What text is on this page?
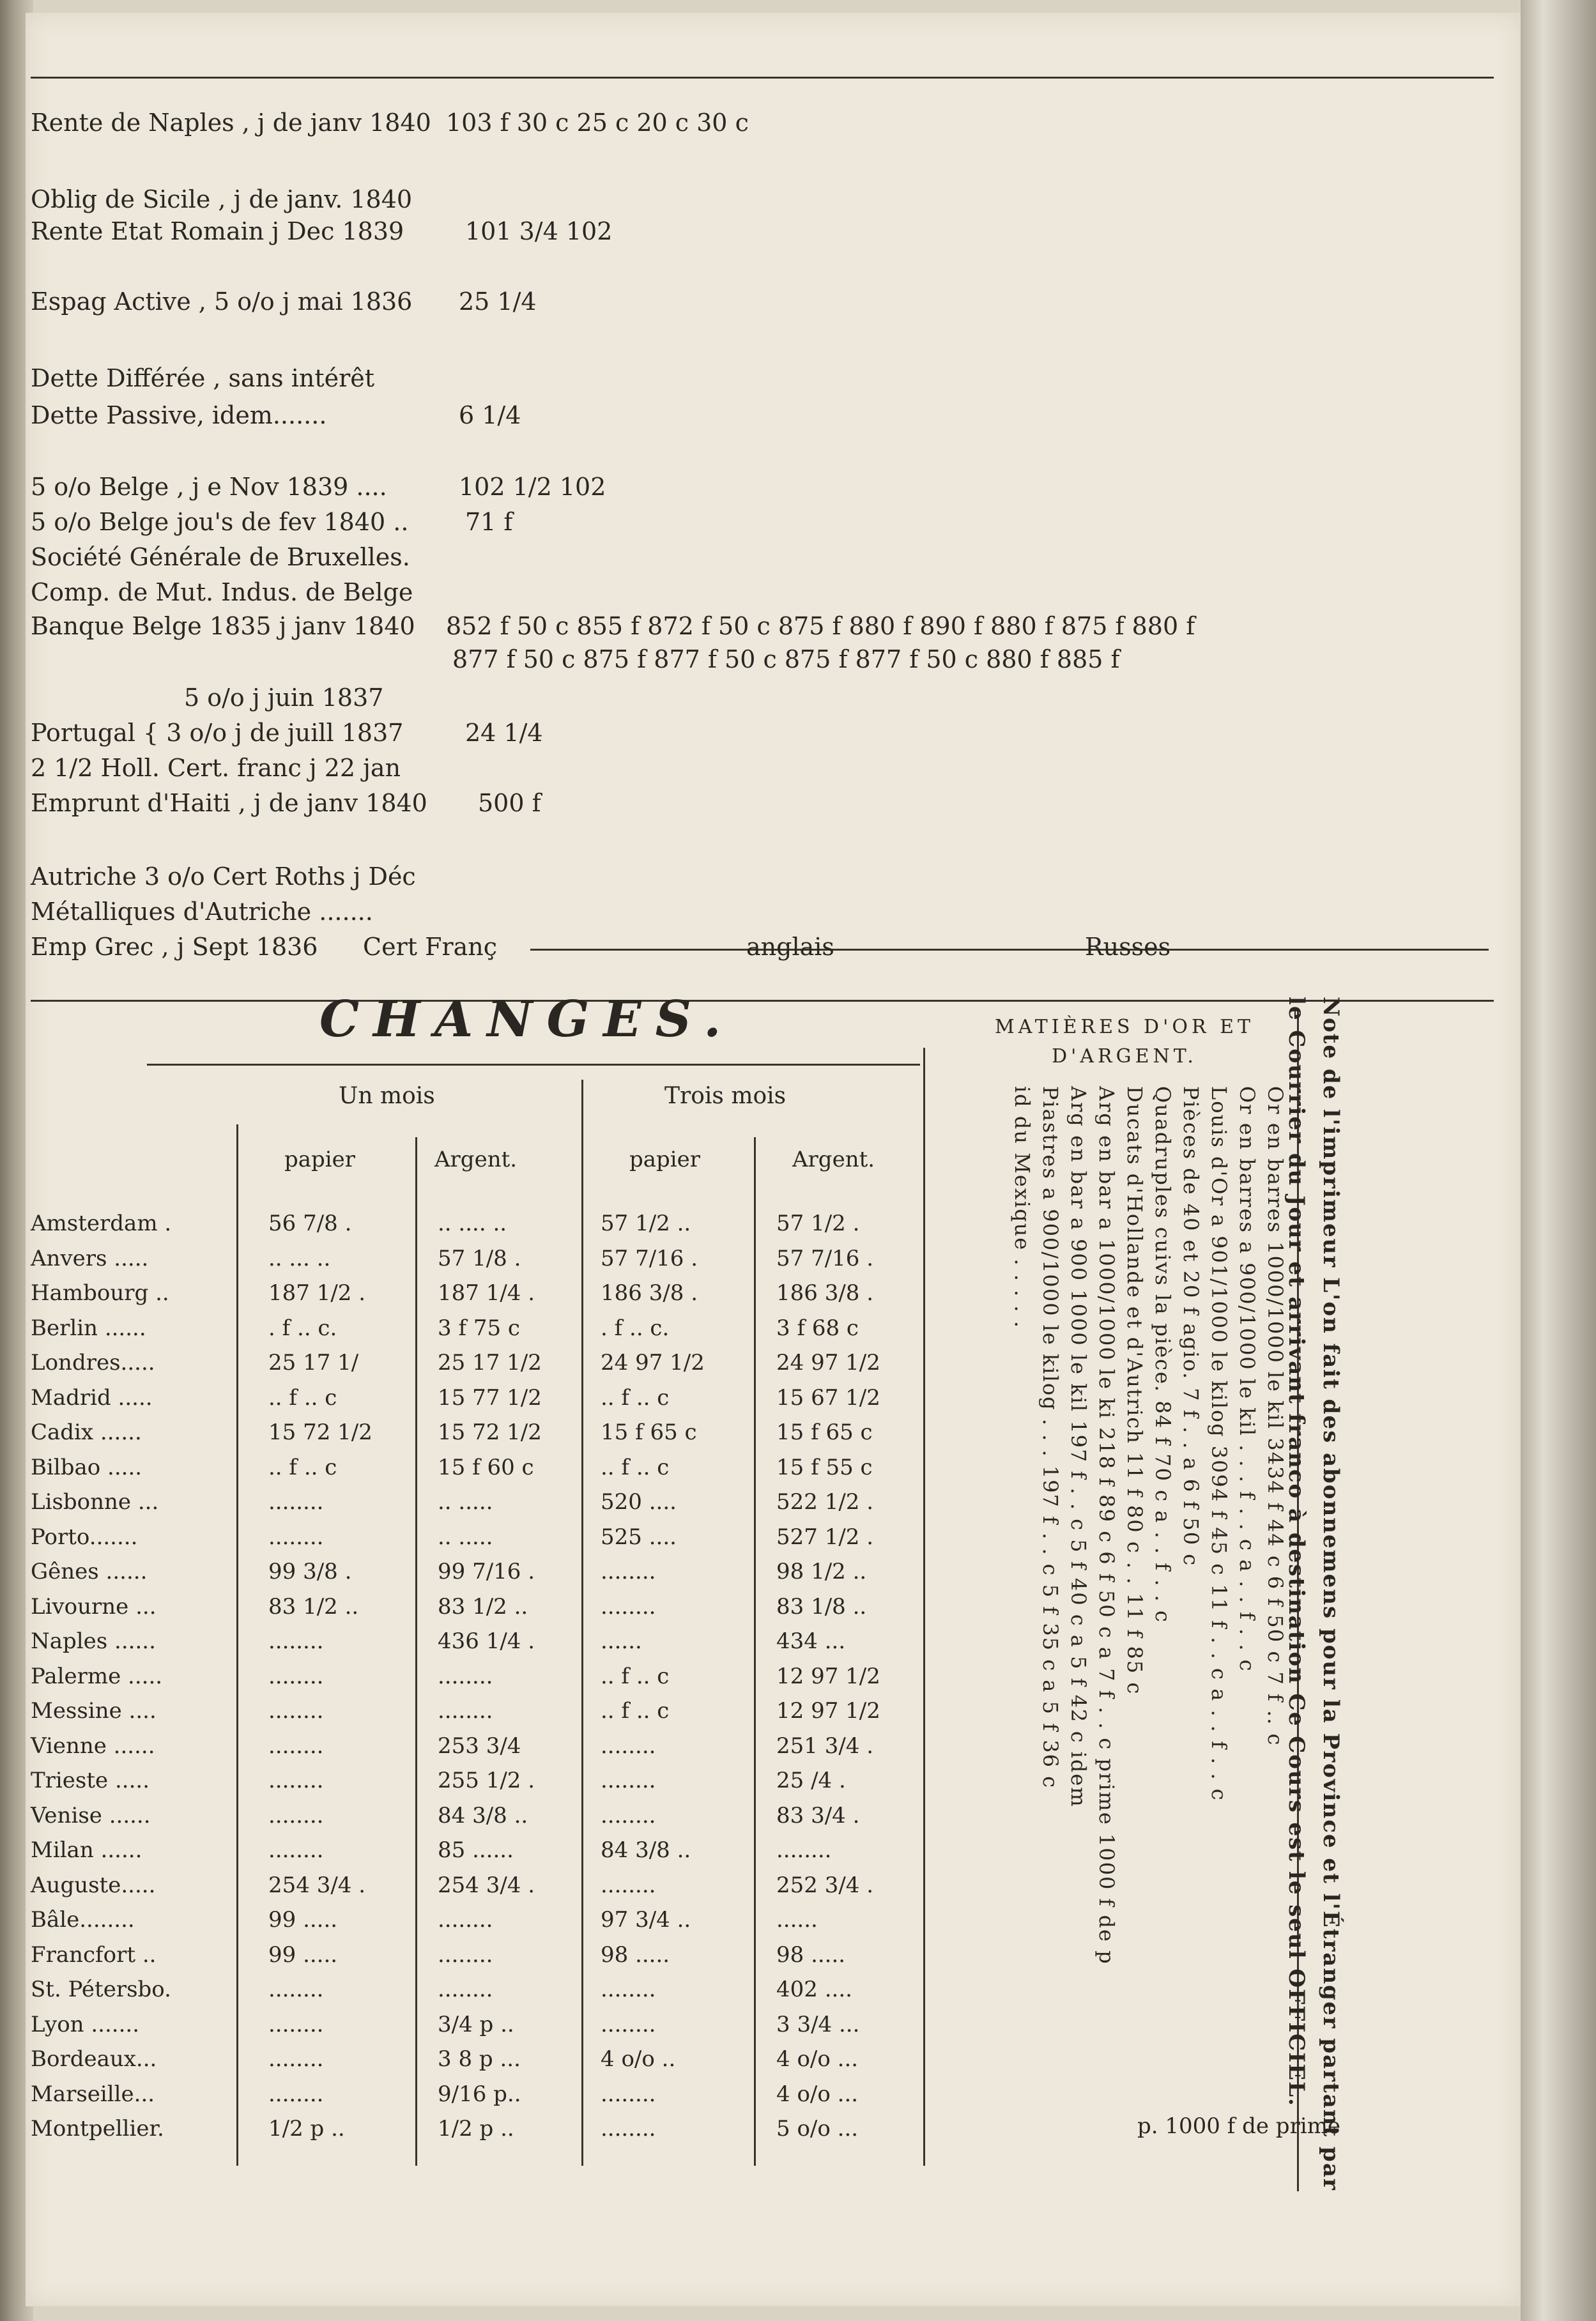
Rente de Naples , j de janv 1840 103 f 30 c 25 c 20 c 30 c
Oblig de Sicile , j de janv. 1840
Rente Etat Romain j Dec 1839	101 3/4 102
Espag Active , 5 o/o j mai 1836 25 1/4
Dette Différée , sans intérêt
Dette Passive, idem.......	6 1/4
5 o/o Belge , j e Nov 1839 ....	102 1/2 102
5 o/o Belge jou's de fev 1840 .. 71 f
Société Générale de Bruxelles.
Comp. de Mut. Indus. de Belge
Banque Belge 1835 j janv 1840 852 f 50 c 855 f 872 f 50 c 875 f 880 f 890 f 880 f 875 f 880 f
877 f 50 c 875 f 877 f 50 c 875 f 877 f 50 c 880 f 885 f
5 o/o j juin 1837
Portugal { 3 o/o j de juill 1837	24 1/4
2 1/2 Holl. Cert. franc j 22 jan
Emprunt d'Haiti , j de janv 1840 500 f
Autriche 3 o/o Cert Roths j Déc
Métalliques d'Autriche .......
Emp Grec , j Sept 1836 Cert Franç	anglais	Russes
CHANGES.
Un mois	Trois mois
papier	Argent.	papier	Argent.
Amsterdam .	56 7/8 .	.. .... ..	57 1/2 ..	57 1/2 .
Anvers .....	.. ... ..	57 1/8 .	57 7/16 .	57 7/16 .
Hambourg ..	187 1/2 .	187 1/4 .	186 3/8 .	186 3/8 .
Berlin ......	. f .. c.	3 f 75 c	. f .. c.	3 f 68 c
Londres.....	25 17 1/	25 17 1/2	24 97 1/2	24 97 1/2
Madrid .....	.. f .. c	15 77 1/2	.. f .. c	15 67 1/2
Cadix ......	15 72 1/2	15 72 1/2	15 f 65 c	15 f 65 c
Bilbao .....	.. f .. c	15 f 60 c	.. f .. c	15 f 55 c
Lisbonne ...	........	.. .....	520 ....	522 1/2 .
Porto.......	........	.. .....	525 ....	527 1/2 .
Gênes ......	99 3/8 .	99 7/16 .	........	98 1/2 ..
Livourne ...	83 1/2 ..	83 1/2 ..	........	83 1/8 ..
Naples ......	........	436 1/4 .	......	434 ...
Palerme .....	........	........	.. f .. c	12 97 1/2
Messine ....	........	........	.. f .. c	12 97 1/2
Vienne ......	........	253 3/4	........	251 3/4 .
Trieste .....	........	255 1/2 .	........	25 /4 .
Venise ......	........	84 3/8 ..	........	83 3/4 .
Milan ......	........	85 ......	84 3/8 ..	........
Auguste.....	254 3/4 .	254 3/4 .	........	252 3/4 .
Bâle........	99 .....	........	97 3/4 ..	......
Francfort ..	99 .....	........	98 .....	98 .....
St. Pétersbo.	........	........	........	402 ....
Lyon .......	........	3/4 p ..	........	3 3/4 ...
Bordeaux...	........	3 8 p ...	4 o/o ..	4 o/o ...
Marseille...	........	9/16 p..	........	4 o/o ...
Montpellier.	1/2 p ..	1/2 p ..	........	5 o/o ...
MATIÈRES D'OR ET D'ARGENT.
Or en barres 1000/1000 le kil 3434 f 44 c 6 f 50 c 7 f .. c
Or en barres a 900/1000 le kil . . . f . . c a . . f . . c
Louis d'Or a 901/1000 le kilog 3094 f 45 c 11 f . . c a . . f . . c
Pièces de 40 et 20 f agio. 7 f . . a 6 f 50 c
Quadruples cuivs la pièce. 84 f 70 c a . . f . . c
Ducats d'Hollande et d'Autrich 11 f 80 c . . 11 f 85 c
Arg en bar a 1000/1000 le ki 218 f 89 c 6 f 50 c a 7 f . . c prime 1000 f de p
Arg en bar a 900 1000 le kil 197 f . . c 5 f 40 c a 5 f 42 c idem
Piastres a 900/1000 le kilog . . . 197 f . . c 5 f 35 c a 5 f 36 c
id du Mexique . . . . .
p. 1000 f de prime
Note de l'imprimeur L'on fait des abonnemens pour la Province et l'Étranger partant par le Courrier du Jour et arrivant franco à destination Ce Cours est le seul OFFICIEL.
